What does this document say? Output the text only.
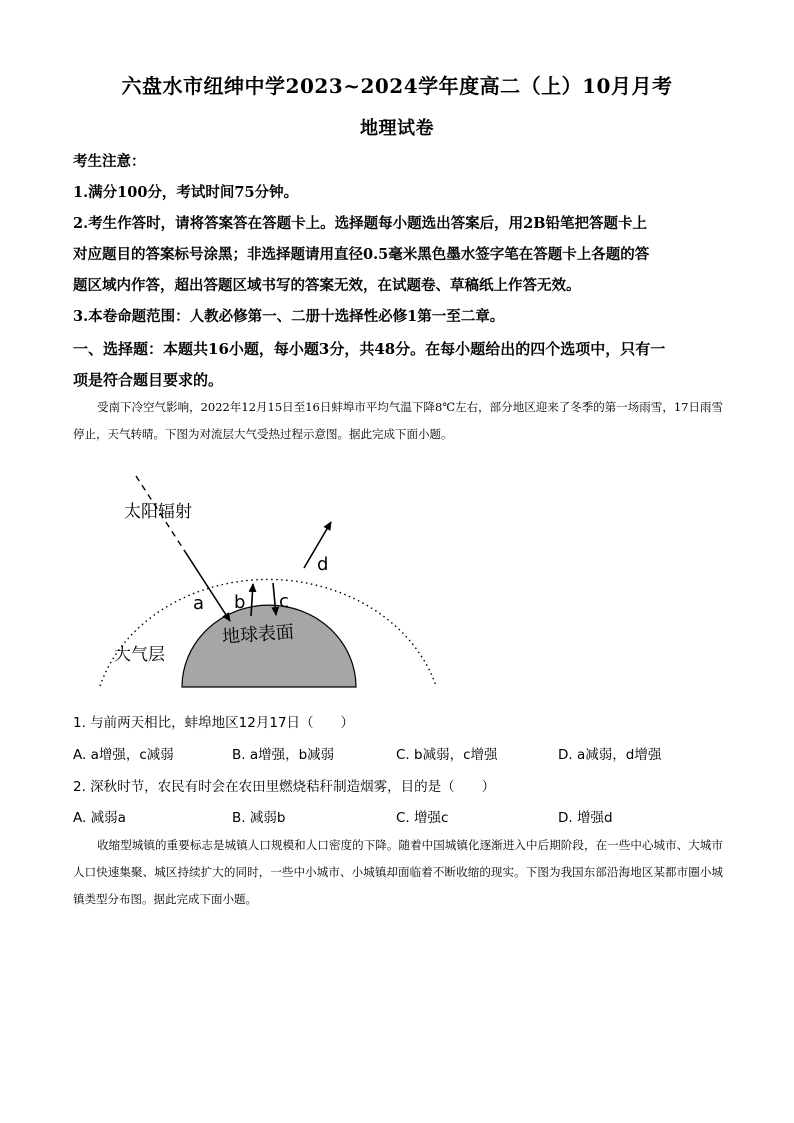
六盘水市纽绅中学2023~2024学年度高二（上）10月月考
地理试卷
考生注意：
1.满分100分，考试时间75分钟。
2.考生作答时，请将答案答在答题卡上。选择题每小题选出答案后，用2B铅笔把答题卡上
对应题目的答案标号涂黑；非选择题请用直径0.5毫米黑色墨水签字笔在答题卡上各题的答
题区域内作答，超出答题区域书写的答案无效，在试题卷、草稿纸上作答无效。
3.本卷命题范围：人教必修第一、二册十选择性必修1第一至二章。
一、选择题：本题共16小题，每小题3分，共48分。在每小题给出的四个选项中，只有一
项是符合题目要求的。
受南下冷空气影响，2022年12月15日至16日蚌埠市平均气温下降8℃左右，部分地区迎来了冬季的第一场雨雪，17日雨雪停止，天气转晴。下图为对流层大气受热过程示意图。据此完成下面小题。
太阳辐射
大气层
地球表面
a b c
d
1. 与前两天相比，蚌埠地区12月17日（　　）
A. a增强，c减弱	B. a增强，b减弱	C. b减弱，c增强	D. a减弱，d增强
2. 深秋时节，农民有时会在农田里燃烧秸秆制造烟雾，目的是（　　）
A. 减弱a	B. 减弱b	C. 增强c	D. 增强d
收缩型城镇的重要标志是城镇人口规模和人口密度的下降。随着中国城镇化逐渐进入中后期阶段，在一些中心城市、大城市人口快速集聚、城区持续扩大的同时，一些中小城市、小城镇却面临着不断收缩的现实。下图为我国东部沿海地区某都市圈小城镇类型分布图。据此完成下面小题。
